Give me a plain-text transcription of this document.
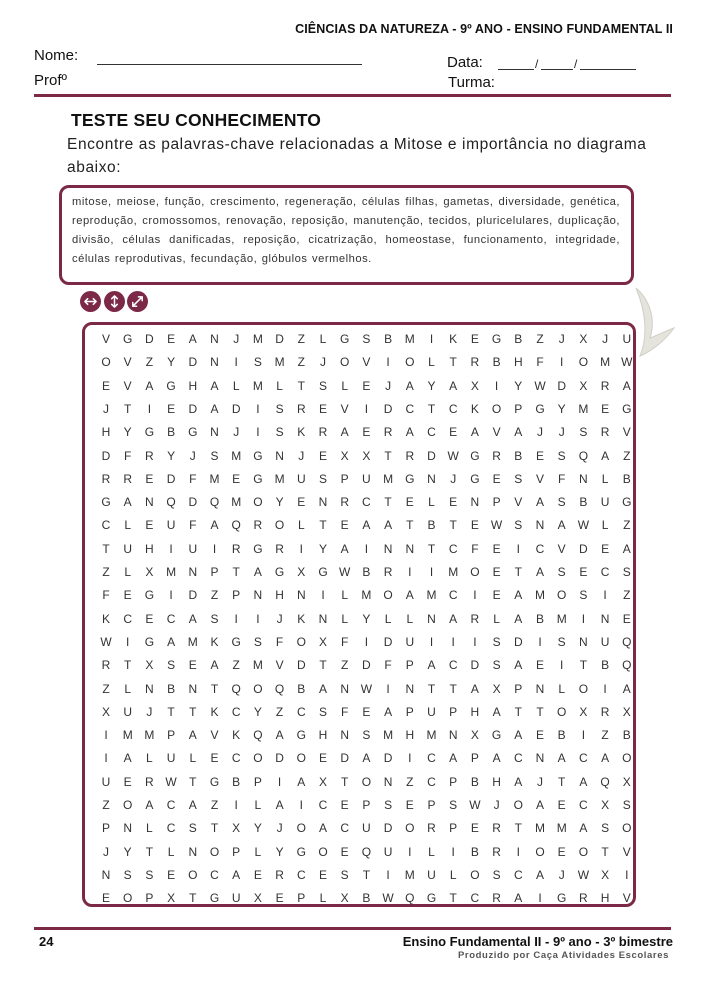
CIÊNCIAS DA NATUREZA - 9º ANO - ENSINO FUNDAMENTAL II
Nome:
Profº
Data:	/	/
Turma:
TESTE SEU CONHECIMENTO
Encontre as palavras-chave relacionadas a Mitose e importância no diagrama abaixo:
mitose, meiose, função, crescimento, regeneração, células filhas, gametas, diversidade, genética, reprodução, cromossomos, renovação, reposição, manutenção, tecidos, pluricelulares, duplicação, divisão, células danificadas, reposição, cicatrização, homeostase, funcionamento, integridade, células reprodutivas, fecundação, glóbulos vermelhos.
V	G	D	E	A	N	J	M	D	Z	L	G	S	B	M	I	K	E	G	B	Z	J	X	J	U
O	V	Z	Y	D	N	I	S	M	Z	J	O	V	I	O	L	T	R	B	H	F	I	O	M W
E	V	A	G	H	A	L	M	L	T	S	L	E	J	A	Y	A	X	I	Y	W D	X	R	A
J	T	I	E	D	A	D	I	S	R	E	V	I	D	C	T	C	K	O	P	G	Y	M	E	G
H	Y	G	B	G	N	J	I	S	K	R	A	E	R	A	C	E	A	V	A	J	J	S	R	V
D	F	R	Y	J	S	M	G	N	J	E	X	X	T	R	D W G	R	B	E	S	Q	A	Z
R	R	E	D	F	M	E	G	M	U	S	P	U	M	G	N	J	G	E	S	V	F	N	L	B
G	A	N	Q	D	Q	M	O	Y	E	N	R	C	T	E	L	E	N	P	V	A	S	B	U	G
C	L	E	U	F	A	Q	R	O	L	T	E	A	A	T	B	T	E	W	S	N	A	W	L	Z
T	U	H	I	U	I	R	G	R	I	Y	A	I	N	N	T	C	F	E	I	C	V	D	E	A
Z	L	X	M	N	P	T	A	G	X	G W	B	R	I	I	M	O	E	T	A	S	E	C	S
F	E	G	I	D	Z	P	N	H	N	I	L	M	O	A	M	C	I	E	A	M	O	S	I	Z
K	C	E	C	A	S	I	I	J	K	N	L	Y	L	L	N	A	R	L	A	B	M	I	N	E
W	I	G	A	M	K	G	S	F	O	X	F	I	D	U	I	I	I	S	D	I	S	N	U	Q
R	T	X	S	E	A	Z	M	V	D	T	Z	D	F	P	A	C	D	S	A	E	I	T	B	Q
Z	L	N	B	N	T	Q	O	Q	B	A	N W	I	N	T	T	A	X	P	N	L	O	I	A
X	U	J	T	T	K	C	Y	Z	C	S	F	E	A	P	U	P	H	A	T	T	O	X	R	X
I	M M	P	A	V	K	Q	A	G	H	N	S	M	H	M	N	X	G	A	E	B	I	Z	B
I	A	L	U	L	E	C	O	D	O	E	D	A	D	I	C	A	P	A	C	N	A	C	A	O
U	E	R W	T	G	B	P	I	A	X	T	O	N	Z	C	P	B	H	A	J	T	A	Q	X
Z	O	A	C	A	Z	I	L	A	I	C	E	P	S	E	P	S	W	J	O	A	E	C	X	S
P	N	L	C	S	T	X	Y	J	O	A	C	U	D	O	R	P	E	R	T	M M	A	S	O
J	Y	T	L	N	O	P	L	Y	G	O	E	Q	U	I	L	I	B	R	I	O	E	O	T	V
N	S	S	E	O	C	A	E	R	C	E	S	T	I	M	U	L	O	S	C	A	J	W	X	I
E	O	P	X	T	G	U	X	E	P	L	X	B	W Q	G	T	C	R	A	I	G	R	H	V
24	Ensino Fundamental II - 9º ano - 3º bimestre
Produzido por Caça Atividades Escolares
